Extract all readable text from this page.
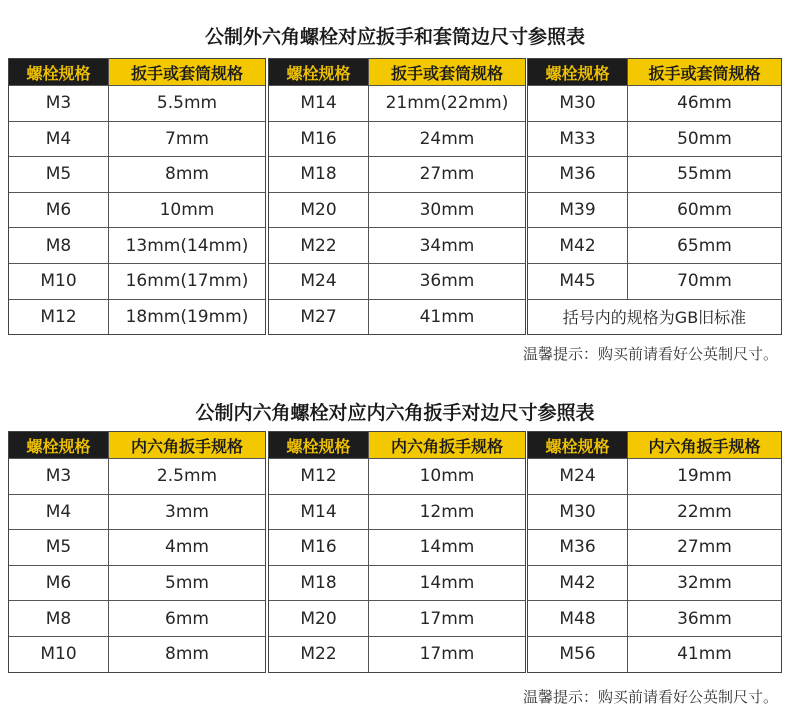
公制外六角螺栓对应扳手和套筒边尺寸参照表
螺栓规格	扳手或套筒规格
M3	5.5mm
M4	7mm
M5	8mm
M6	10mm
M8	13mm(14mm)
M10	16mm(17mm)
M12	18mm(19mm)
螺栓规格	扳手或套筒规格
M14	21mm(22mm)
M16	24mm
M18	27mm
M20	30mm
M22	34mm
M24	36mm
M27	41mm
螺栓规格	扳手或套筒规格
M30	46mm
M33	50mm
M36	55mm
M39	60mm
M42	65mm
M45	70mm
括号内的规格为GB旧标准
温馨提示：购买前请看好公英制尺寸。
公制内六角螺栓对应内六角扳手对边尺寸参照表
螺栓规格	内六角扳手规格
M3	2.5mm
M4	3mm
M5	4mm
M6	5mm
M8	6mm
M10	8mm
螺栓规格	内六角扳手规格
M12	10mm
M14	12mm
M16	14mm
M18	14mm
M20	17mm
M22	17mm
螺栓规格	内六角扳手规格
M24	19mm
M30	22mm
M36	27mm
M42	32mm
M48	36mm
M56	41mm
温馨提示：购买前请看好公英制尺寸。
